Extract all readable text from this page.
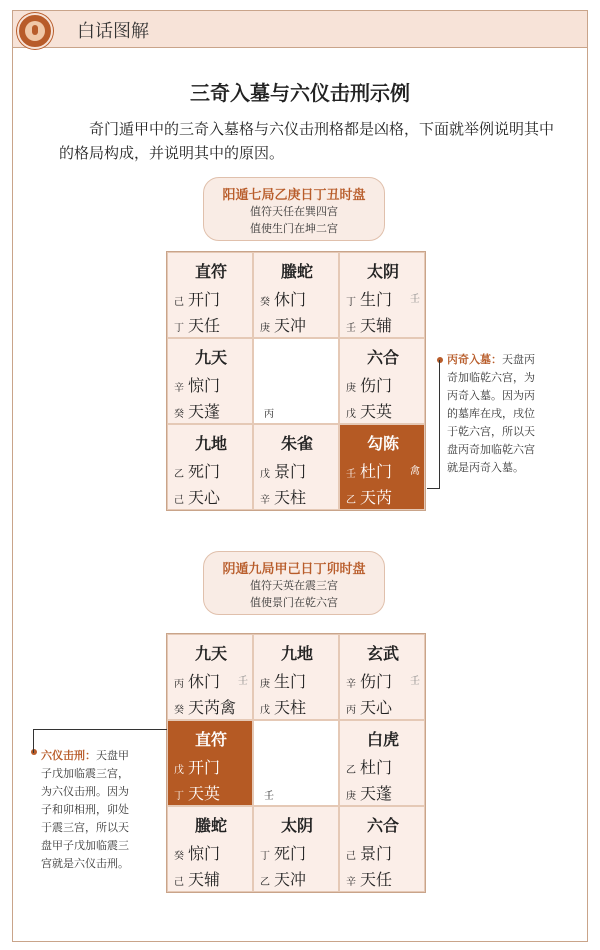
白话图解
三奇入墓与六仪击刑示例
奇门遁甲中的三奇入墓格与六仪击刑格都是凶格，下面就举例说明其中的格局构成，并说明其中的原因。
阳遁七局乙庚日丁丑时盘
值符天任在巽四宫
值使生门在坤二宫
直符
己 开门
丁 天任
螣蛇
癸 休门
庚 天冲
太阴
丁 生门 壬
壬 天辅
九天
辛 惊门
癸 天蓬	丙
六合
庚 伤门
戊 天英
九地
乙 死门
己 天心
朱雀
戊 景门
辛 天柱
勾陈
壬 杜门 禽
乙 天芮
丙奇入墓：天盘丙
奇加临乾六宫，为
丙奇入墓。因为丙
的墓库在戌，戌位
于乾六宫，所以天
盘丙奇加临乾六宫
就是丙奇入墓。
阴遁九局甲己日丁卯时盘
值符天英在震三宫
值使景门在乾六宫
九天
丙 休门 壬
癸 天芮禽
九地
庚 生门
戊 天柱
玄武
辛 伤门 壬
丙 天心
直符
戊 开门
丁 天英	壬
白虎
乙 杜门
庚 天蓬
螣蛇
癸 惊门
己 天辅
太阴
丁 死门
乙 天冲
六合
己 景门
辛 天任
六仪击刑：天盘甲
子戊加临震三宫，
为六仪击刑。因为
子和卯相刑，卯处
于震三宫，所以天
盘甲子戊加临震三
宫就是六仪击刑。
